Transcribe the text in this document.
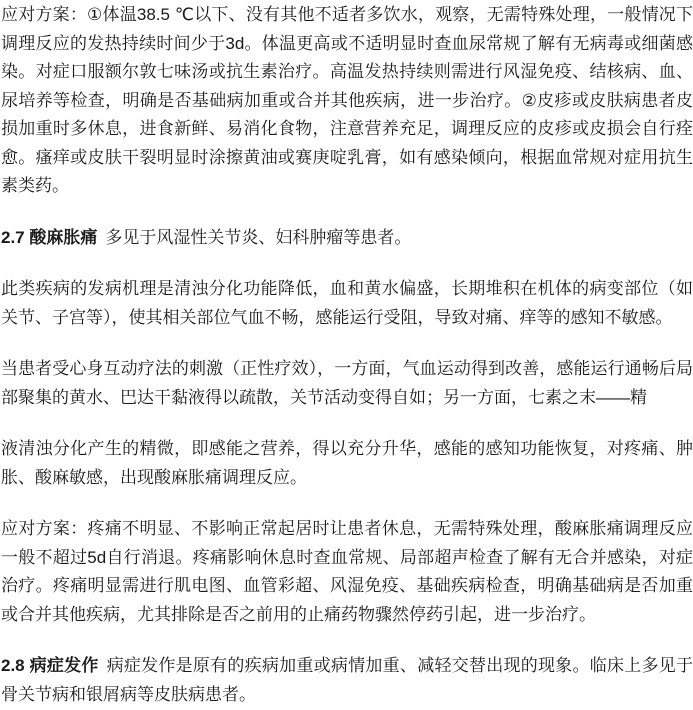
应对方案：①体温38.5 ℃以下、没有其他不适者多饮水，观察，无需特殊处理，一般情况下调理反应的发热持续时间少于3d。体温更高或不适明显时查血尿常规了解有无病毒或细菌感染。对症口服额尔敦七味汤或抗生素治疗。高温发热持续则需进行风湿免疫、结核病、血、尿培养等检查，明确是否基础病加重或合并其他疾病，进一步治疗。②皮疹或皮肤病患者皮损加重时多休息，进食新鲜、易消化食物，注意营养充足，调理反应的皮疹或皮损会自行痊愈。瘙痒或皮肤干裂明显时涂擦黄油或赛庚啶乳膏，如有感染倾向，根据血常规对症用抗生素类药。

2.7 酸麻胀痛 多见于风湿性关节炎、妇科肿瘤等患者。

此类疾病的发病机理是清浊分化功能降低，血和黄水偏盛，长期堆积在机体的病变部位（如关节、子宫等），使其相关部位气血不畅，感能运行受阻，导致对痛、痒等的感知不敏感。

当患者受心身互动疗法的刺激（正性疗效），一方面，气血运动得到改善，感能运行通畅后局部聚集的黄水、巴达干黏液得以疏散，关节活动变得自如；另一方面，七素之末——精

液清浊分化产生的精微，即感能之营养，得以充分升华，感能的感知功能恢复，对疼痛、肿胀、酸麻敏感，出现酸麻胀痛调理反应。

应对方案：疼痛不明显、不影响正常起居时让患者休息，无需特殊处理，酸麻胀痛调理反应一般不超过5d自行消退。疼痛影响休息时查血常规、局部超声检查了解有无合并感染，对症治疗。疼痛明显需进行肌电图、血管彩超、风湿免疫、基础疾病检查，明确基础病是否加重或合并其他疾病，尤其排除是否之前用的止痛药物骤然停药引起，进一步治疗。

2.8 病症发作 病症发作是原有的疾病加重或病情加重、减轻交替出现的现象。临床上多见于骨关节病和银屑病等皮肤病患者。
